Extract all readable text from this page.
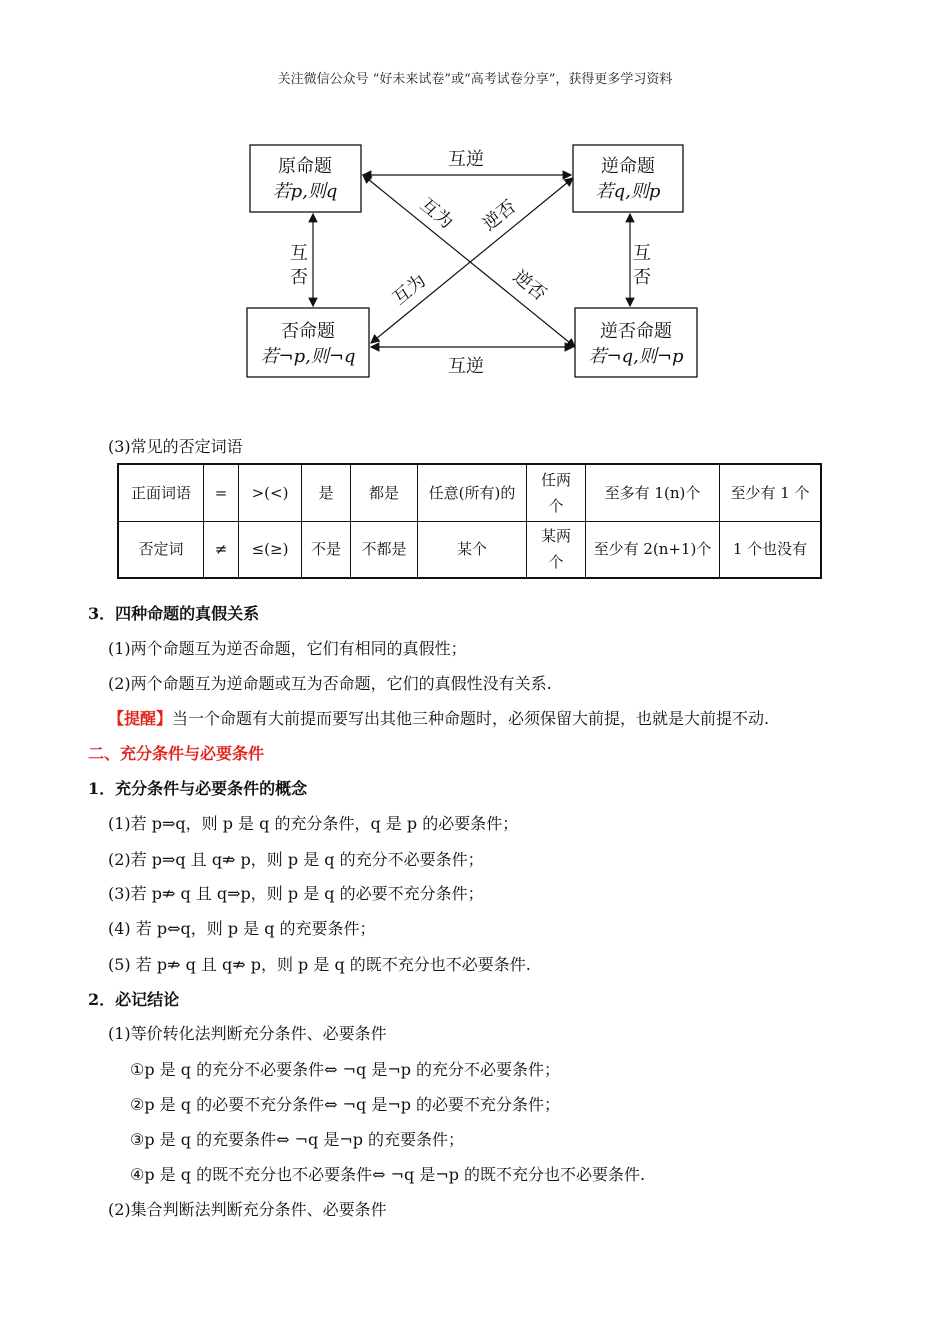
关注微信公众号 “好未来试卷”或“高考试卷分享”，获得更多学习资料
原命题
若p,则q
逆命题
若q,则p
否命题
若¬p,则¬q
逆否命题
若¬q,则¬p
互逆
互逆
互
否
互
否
互为 逆否
互为	逆否
(3)常见的否定词语
正面词语	=	>(<)	是	都是	任意(所有)的	任两个	至多有 1(n)个	至少有 1 个
否定词	≠	≤(≥)	不是	不都是	某个	某两个	至少有 2(n+1)个	1 个也没有
3．四种命题的真假关系
(1)两个命题互为逆否命题，它们有相同的真假性；
(2)两个命题互为逆命题或互为否命题，它们的真假性没有关系.
【提醒】当一个命题有大前提而要写出其他三种命题时，必须保留大前提，也就是大前提不动.
二、充分条件与必要条件
1．充分条件与必要条件的概念
(1)若 p⇒q，则 p 是 q 的充分条件，q 是 p 的必要条件；
(2)若 p⇒q 且 q⇏ p，则 p 是 q 的充分不必要条件；
(3)若 p⇏ q 且 q⇒p，则 p 是 q 的必要不充分条件；
(4) 若 p⇔q，则 p 是 q 的充要条件；
(5) 若 p⇏ q 且 q⇏ p，则 p 是 q 的既不充分也不必要条件.
2．必记结论
(1)等价转化法判断充分条件、必要条件
①p 是 q 的充分不必要条件⇔ ¬q 是¬p 的充分不必要条件；
②p 是 q 的必要不充分条件⇔ ¬q 是¬p 的必要不充分条件；
③p 是 q 的充要条件⇔ ¬q 是¬p 的充要条件；
④p 是 q 的既不充分也不必要条件⇔ ¬q 是¬p 的既不充分也不必要条件.
(2)集合判断法判断充分条件、必要条件
